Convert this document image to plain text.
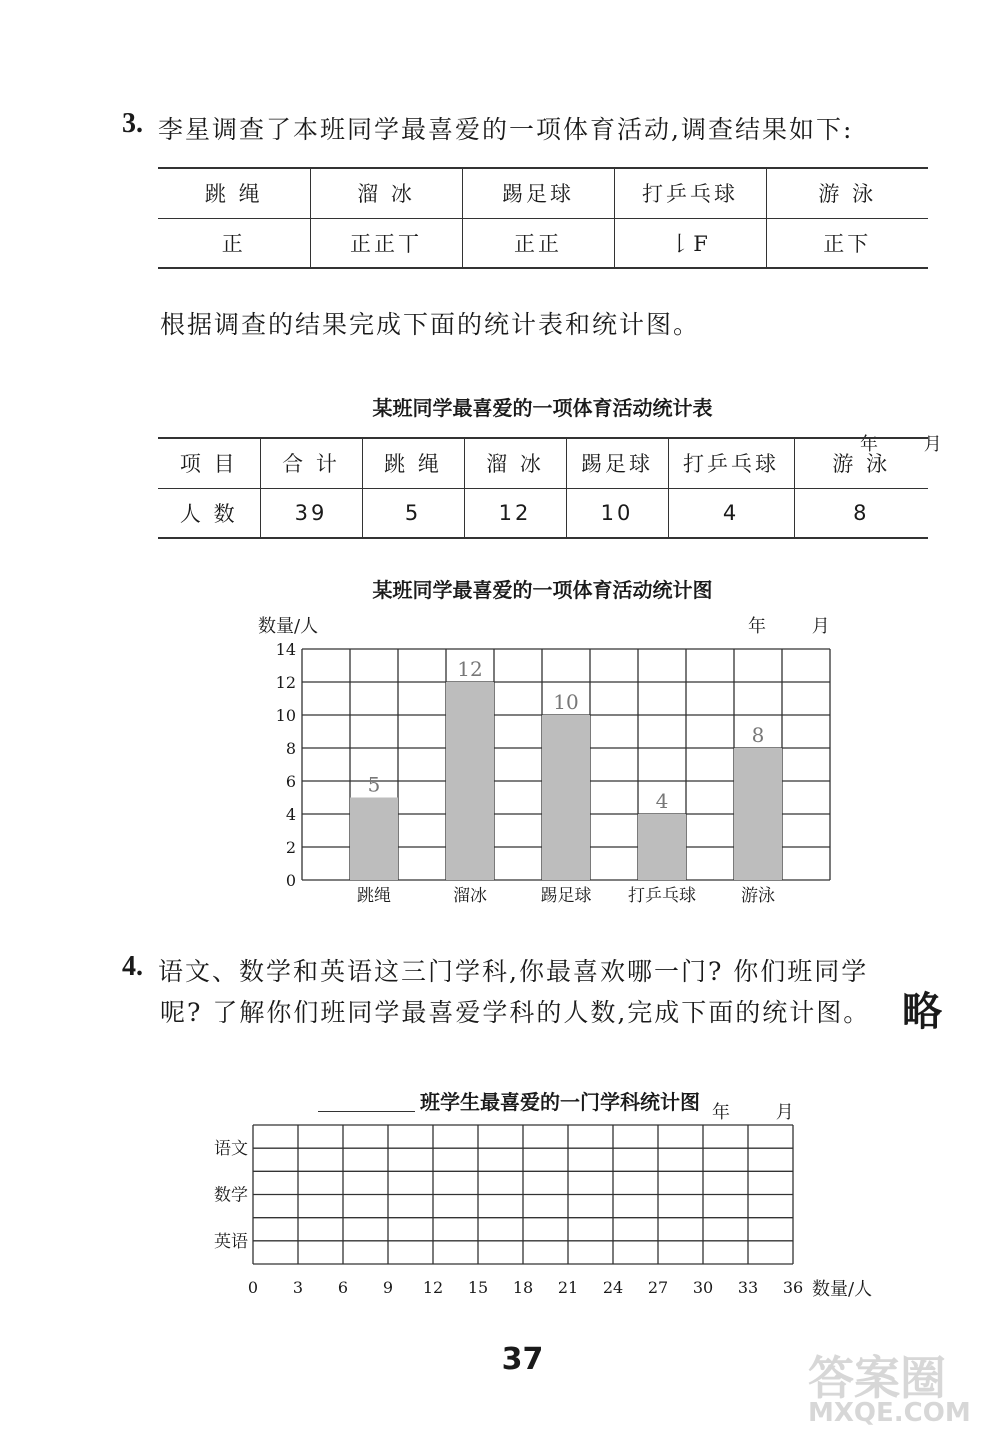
3. 李星调查了本班同学最喜爱的一项体育活动,调查结果如下:
跳 绳	溜 冰	踢足球	打乒乓球	游 泳
正	正正丅	正正	𠄌F	正下
根据调查的结果完成下面的统计表和统计图。
某班同学最喜爱的一项体育活动统计表
年 月
项 目	合 计	跳 绳	溜 冰	踢足球	打乒乓球	游 泳
人 数	39	5	12	10	4	8
某班同学最喜爱的一项体育活动统计图
数量/人	年 月
5
跳绳
12
溜冰
10
踢足球
4
打乒乓球
8
游泳
0
2
4
6
8
10
12
14
0 3 6 9 12 15 18 21 24 27 30 33 36
语文
数学
英语
4. 语文、数学和英语这三门学科,你最喜欢哪一门? 你们班同学
呢? 了解你们班同学最喜爱学科的人数,完成下面的统计图。 略
班学生最喜爱的一门学科统计图 年 月
数量/人
37	答案圈
MXQE.COM
